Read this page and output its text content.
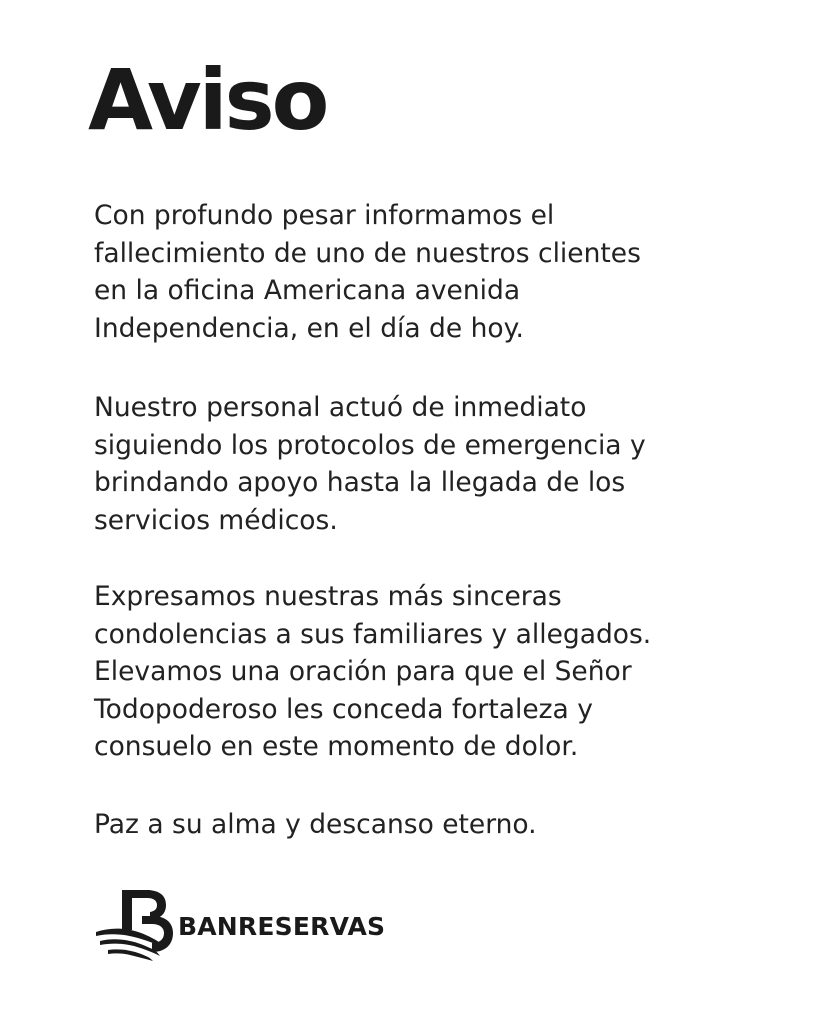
Aviso

Con profundo pesar informamos el
fallecimiento de uno de nuestros clientes
en la oficina Americana avenida
Independencia, en el día de hoy.

Nuestro personal actuó de inmediato
siguiendo los protocolos de emergencia y
brindando apoyo hasta la llegada de los
servicios médicos.

Expresamos nuestras más sinceras
condolencias a sus familiares y allegados.
Elevamos una oración para que el Señor
Todopoderoso les conceda fortaleza y
consuelo en este momento de dolor.

Paz a su alma y descanso eterno.

BANRESERVAS
